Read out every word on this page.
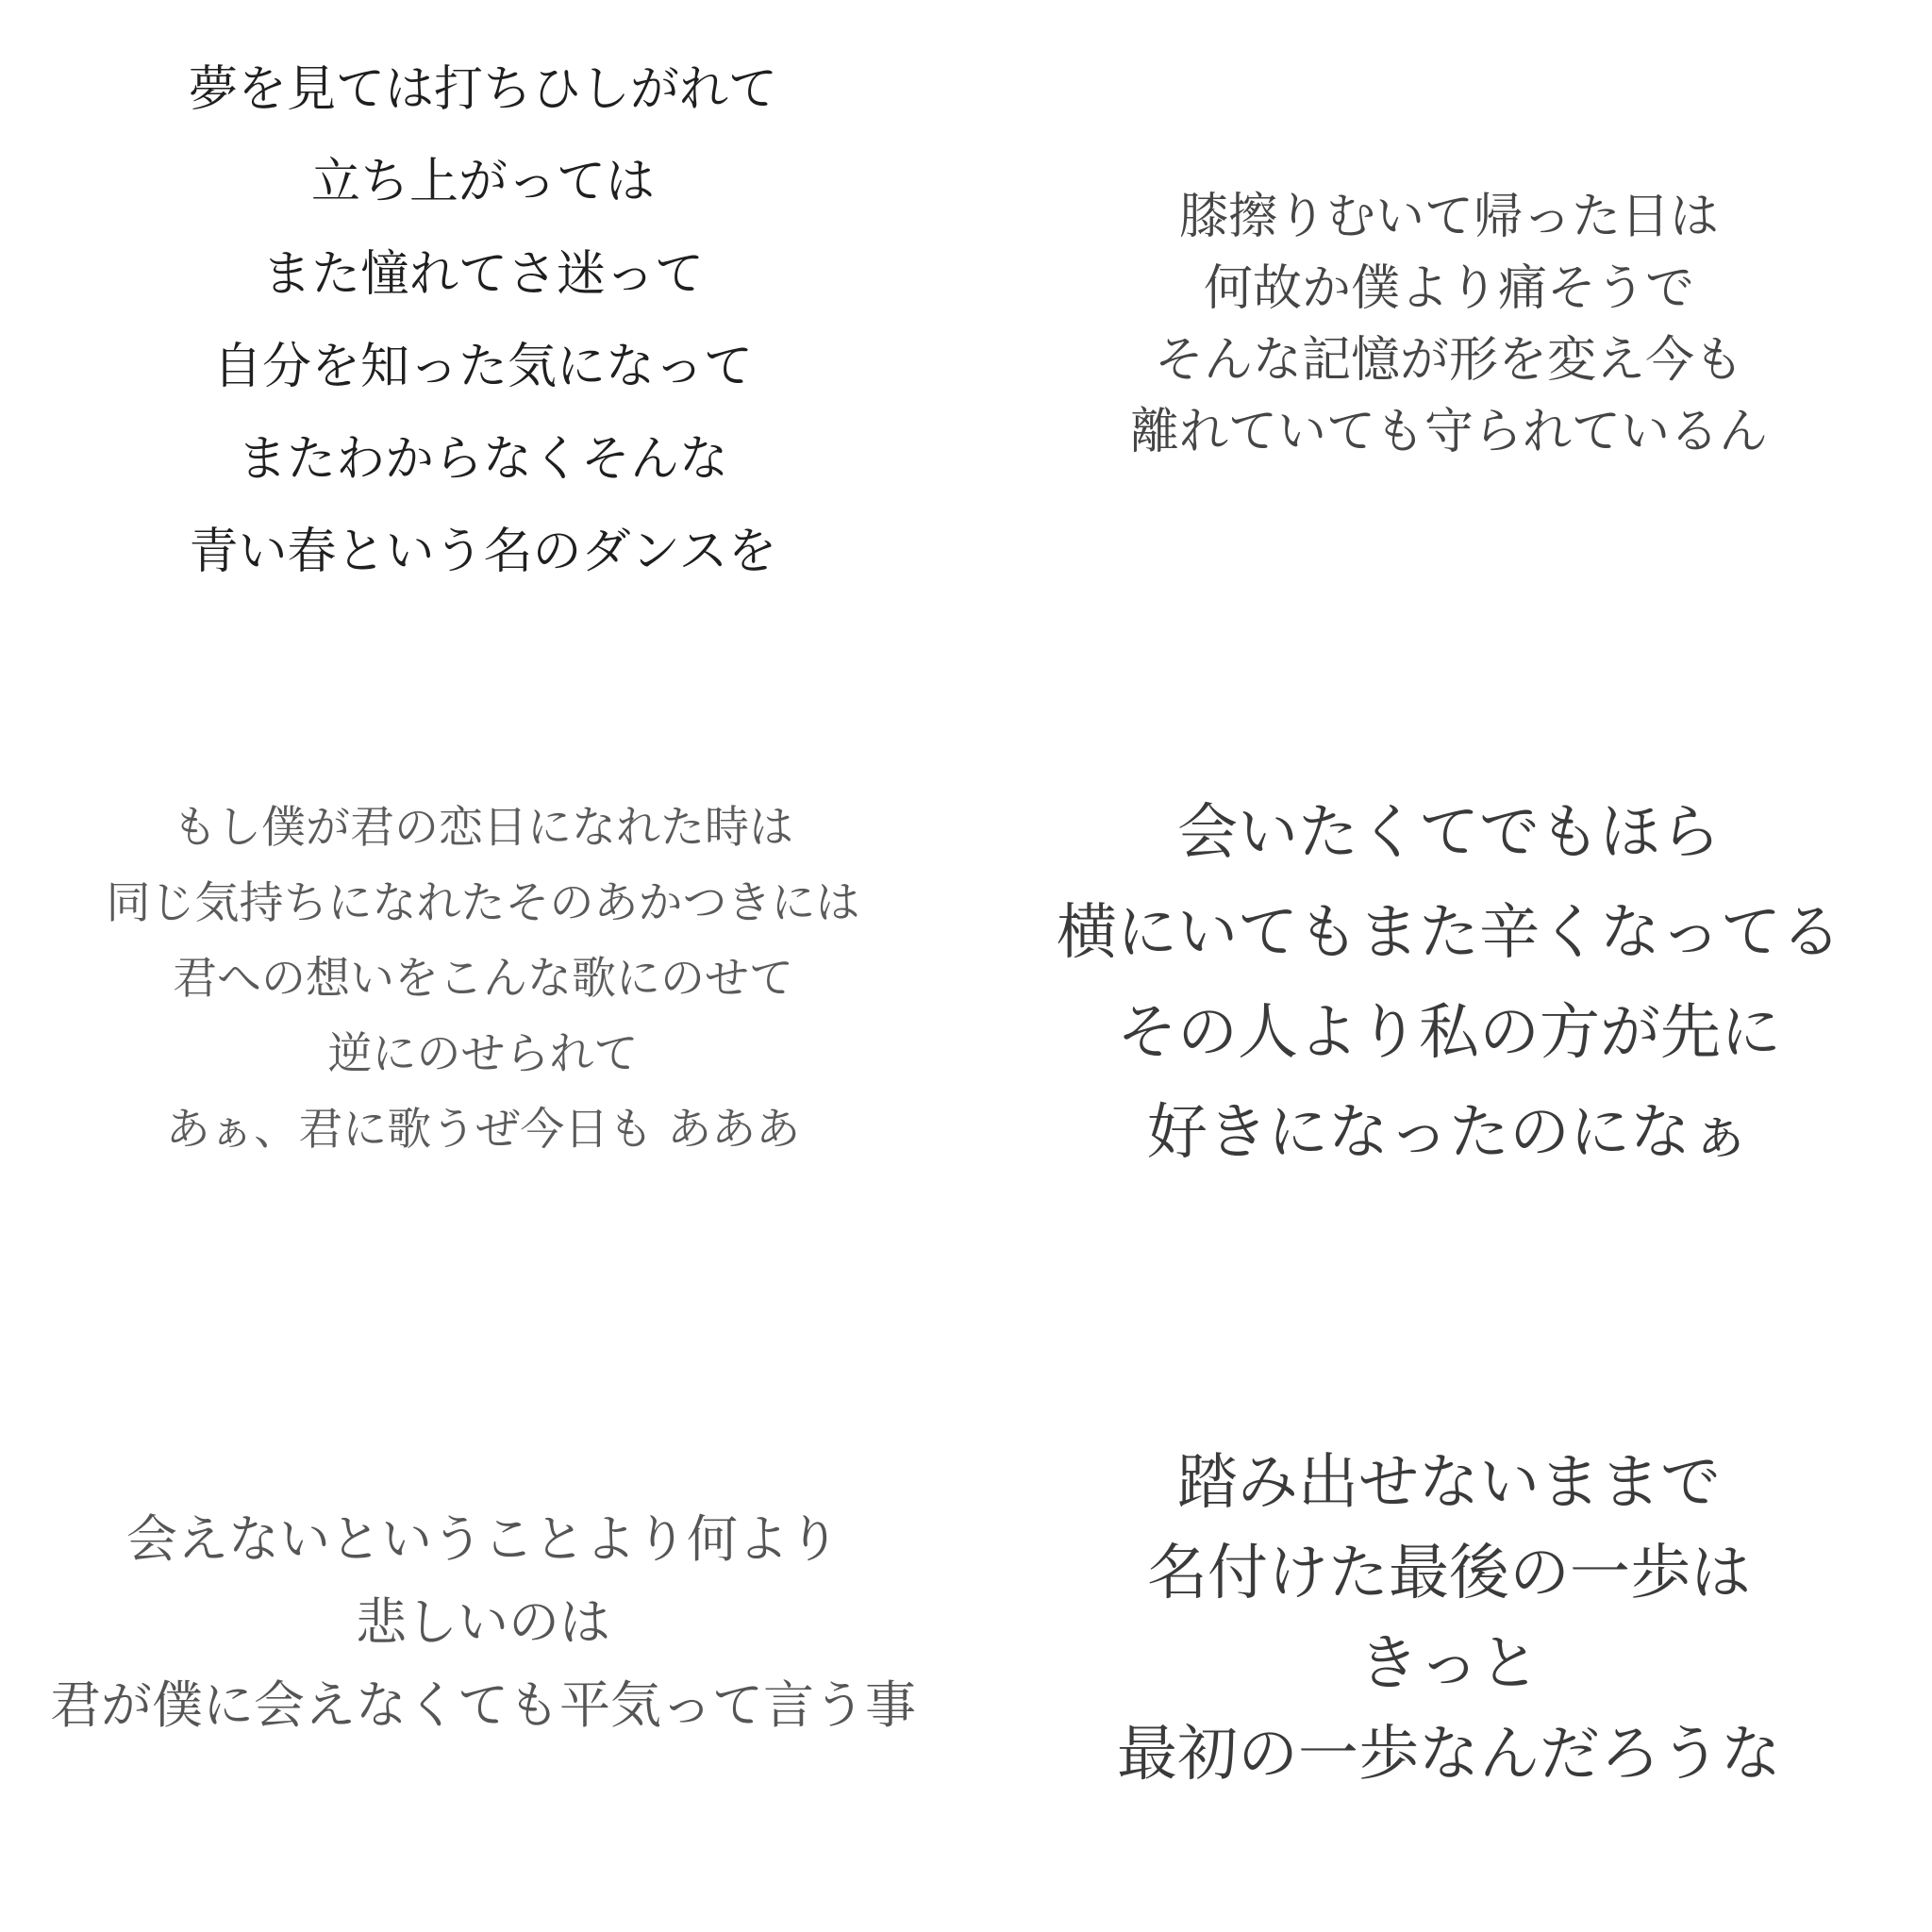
夢を見ては打ちひしがれて
立ち上がっては
また憧れてさ迷って
自分を知った気になって
またわからなくそんな
青い春という名のダンスを
膝擦りむいて帰った日は
何故か僕より痛そうで
そんな記憶が形を変え今も
離れていても守られているん
もし僕が君の恋日になれた時は
同じ気持ちになれたそのあかつきには
君への想いをこんな歌にのせて
逆にのせられて
あぁ、君に歌うぜ今日も あああ
会いたくてでもほら
横にいてもまた辛くなってる
その人より私の方が先に
好きになったのになぁ
会えないということより何より
悲しいのは
君が僕に会えなくても平気って言う事
踏み出せないままで
名付けた最後の一歩は
きっと
最初の一歩なんだろうな
